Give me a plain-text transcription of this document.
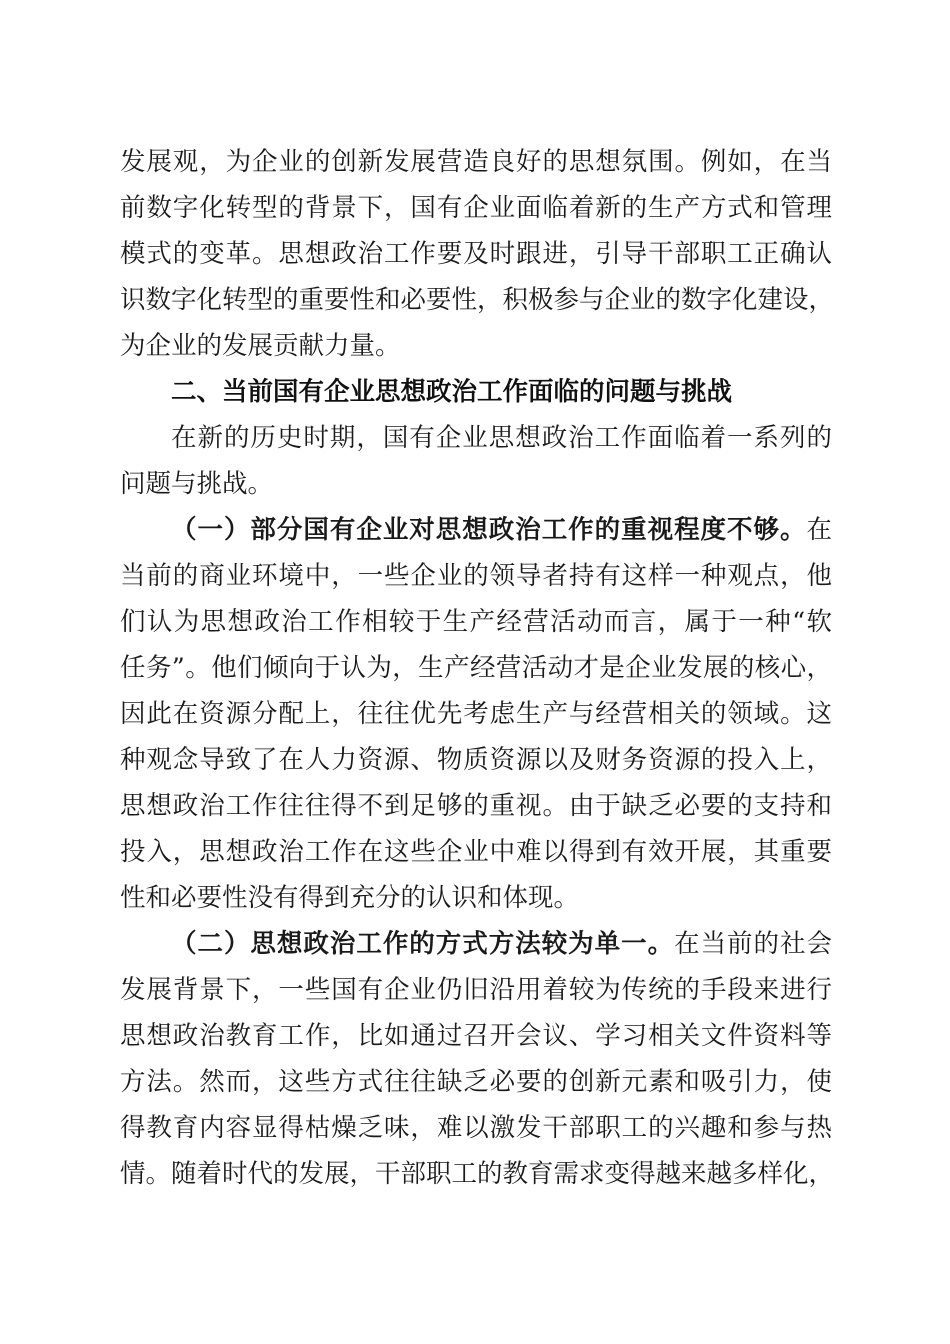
发展观，为企业的创新发展营造良好的思想氛围。例如，在当
前数字化转型的背景下，国有企业面临着新的生产方式和管理
模式的变革。思想政治工作要及时跟进，引导干部职工正确认
识数字化转型的重要性和必要性，积极参与企业的数字化建设，
为企业的发展贡献力量。
二、当前国有企业思想政治工作面临的问题与挑战
在新的历史时期，国有企业思想政治工作面临着一系列的
问题与挑战。
（一）部分国有企业对思想政治工作的重视程度不够。在
当前的商业环境中，一些企业的领导者持有这样一种观点，他
们认为思想政治工作相较于生产经营活动而言，属于一种“软
任务”。他们倾向于认为，生产经营活动才是企业发展的核心，
因此在资源分配上，往往优先考虑生产与经营相关的领域。这
种观念导致了在人力资源、物质资源以及财务资源的投入上，
思想政治工作往往得不到足够的重视。由于缺乏必要的支持和
投入，思想政治工作在这些企业中难以得到有效开展，其重要
性和必要性没有得到充分的认识和体现。
（二）思想政治工作的方式方法较为单一。在当前的社会
发展背景下，一些国有企业仍旧沿用着较为传统的手段来进行
思想政治教育工作，比如通过召开会议、学习相关文件资料等
方法。然而，这些方式往往缺乏必要的创新元素和吸引力，使
得教育内容显得枯燥乏味，难以激发干部职工的兴趣和参与热
情。随着时代的发展，干部职工的教育需求变得越来越多样化，
